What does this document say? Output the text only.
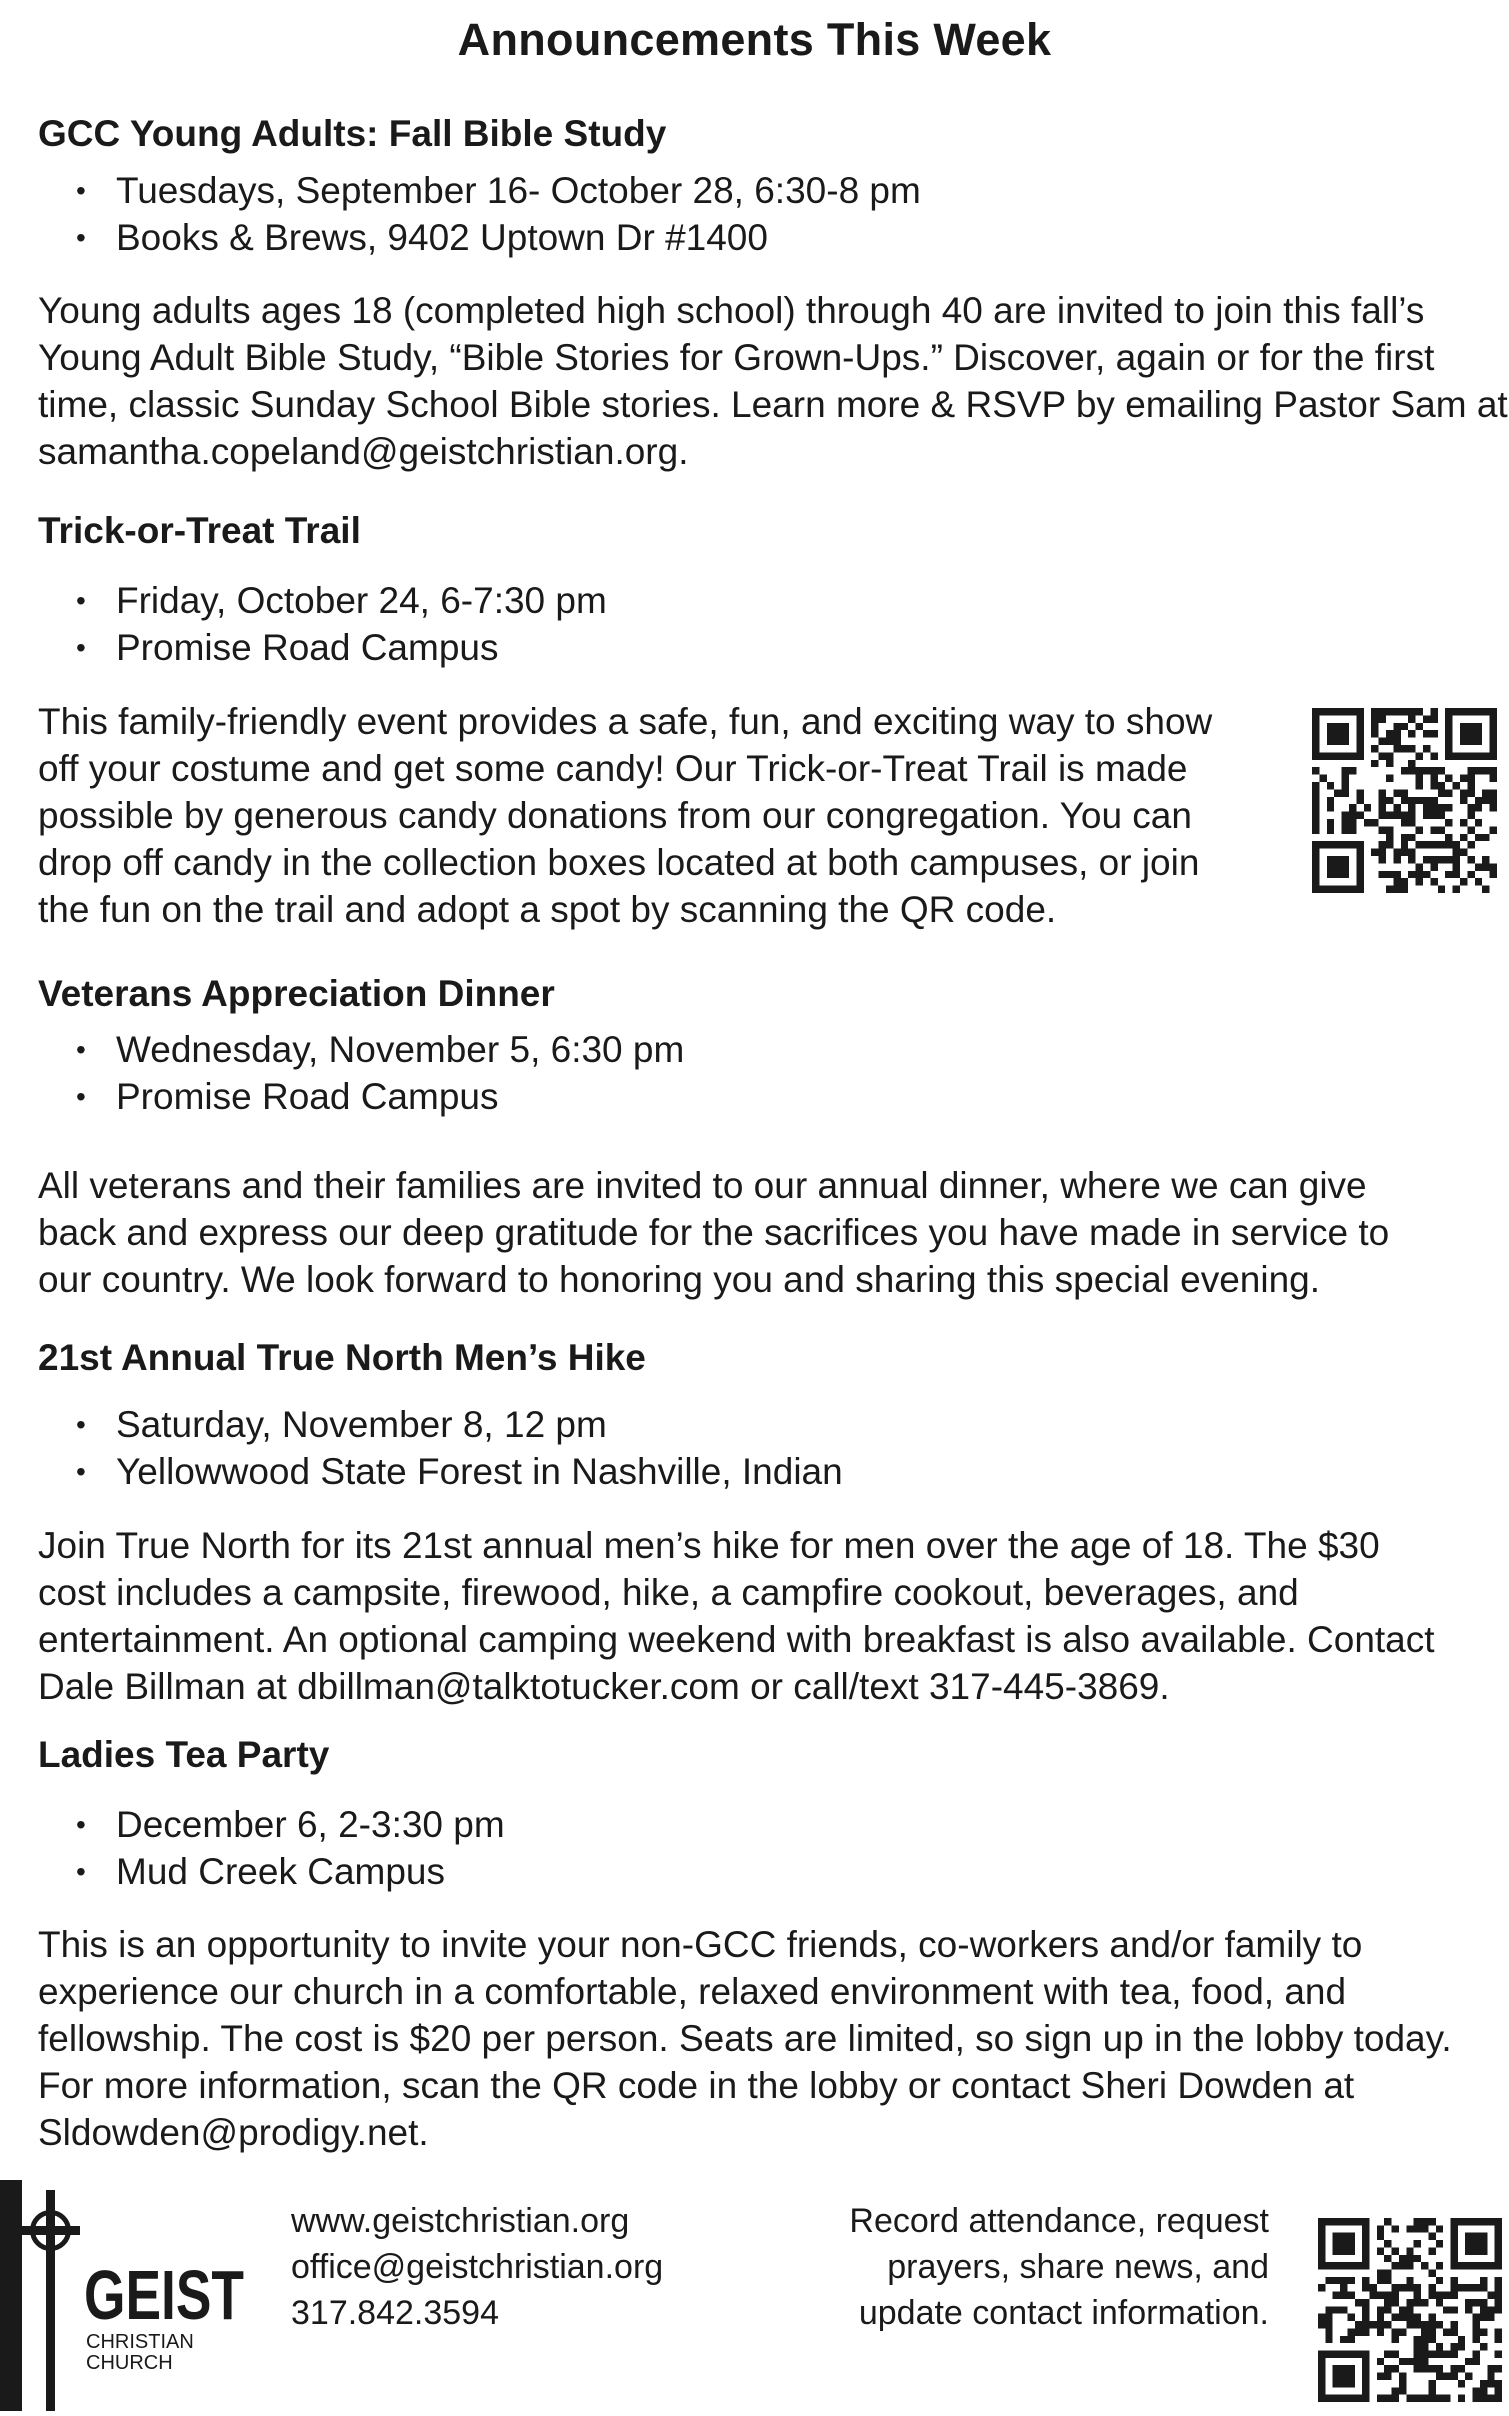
Announcements This Week
GCC Young Adults: Fall Bible Study
• Tuesdays, September 16- October 28, 6:30-8 pm
• Books & Brews, 9402 Uptown Dr #1400
Young adults ages 18 (completed high school) through 40 are invited to join this fall’s
Young Adult Bible Study, “Bible Stories for Grown-Ups.” Discover, again or for the first
time, classic Sunday School Bible stories. Learn more & RSVP by emailing Pastor Sam at
samantha.copeland@geistchristian.org.
Trick-or-Treat Trail
• Friday, October 24, 6-7:30 pm
• Promise Road Campus
This family-friendly event provides a safe, fun, and exciting way to show
off your costume and get some candy! Our Trick-or-Treat Trail is made
possible by generous candy donations from our congregation. You can
drop off candy in the collection boxes located at both campuses, or join
the fun on the trail and adopt a spot by scanning the QR code.
Veterans Appreciation Dinner
• Wednesday, November 5, 6:30 pm
• Promise Road Campus
All veterans and their families are invited to our annual dinner, where we can give
back and express our deep gratitude for the sacrifices you have made in service to
our country. We look forward to honoring you and sharing this special evening.
21st Annual True North Men’s Hike
• Saturday, November 8, 12 pm
• Yellowwood State Forest in Nashville, Indian
Join True North for its 21st annual men’s hike for men over the age of 18. The $30
cost includes a campsite, firewood, hike, a campfire cookout, beverages, and
entertainment. An optional camping weekend with breakfast is also available. Contact
Dale Billman at dbillman@talktotucker.com or call/text 317-445-3869.
Ladies Tea Party
• December 6, 2-3:30 pm
• Mud Creek Campus
This is an opportunity to invite your non-GCC friends, co-workers and/or family to
experience our church in a comfortable, relaxed environment with tea, food, and
fellowship. The cost is $20 per person. Seats are limited, so sign up in the lobby today.
For more information, scan the QR code in the lobby or contact Sheri Dowden at
Sldowden@prodigy.net.
GEIST
CHRISTIAN
CHURCH
www.geistchristian.org
office@geistchristian.org
317.842.3594
Record attendance, request
prayers, share news, and
update contact information.
